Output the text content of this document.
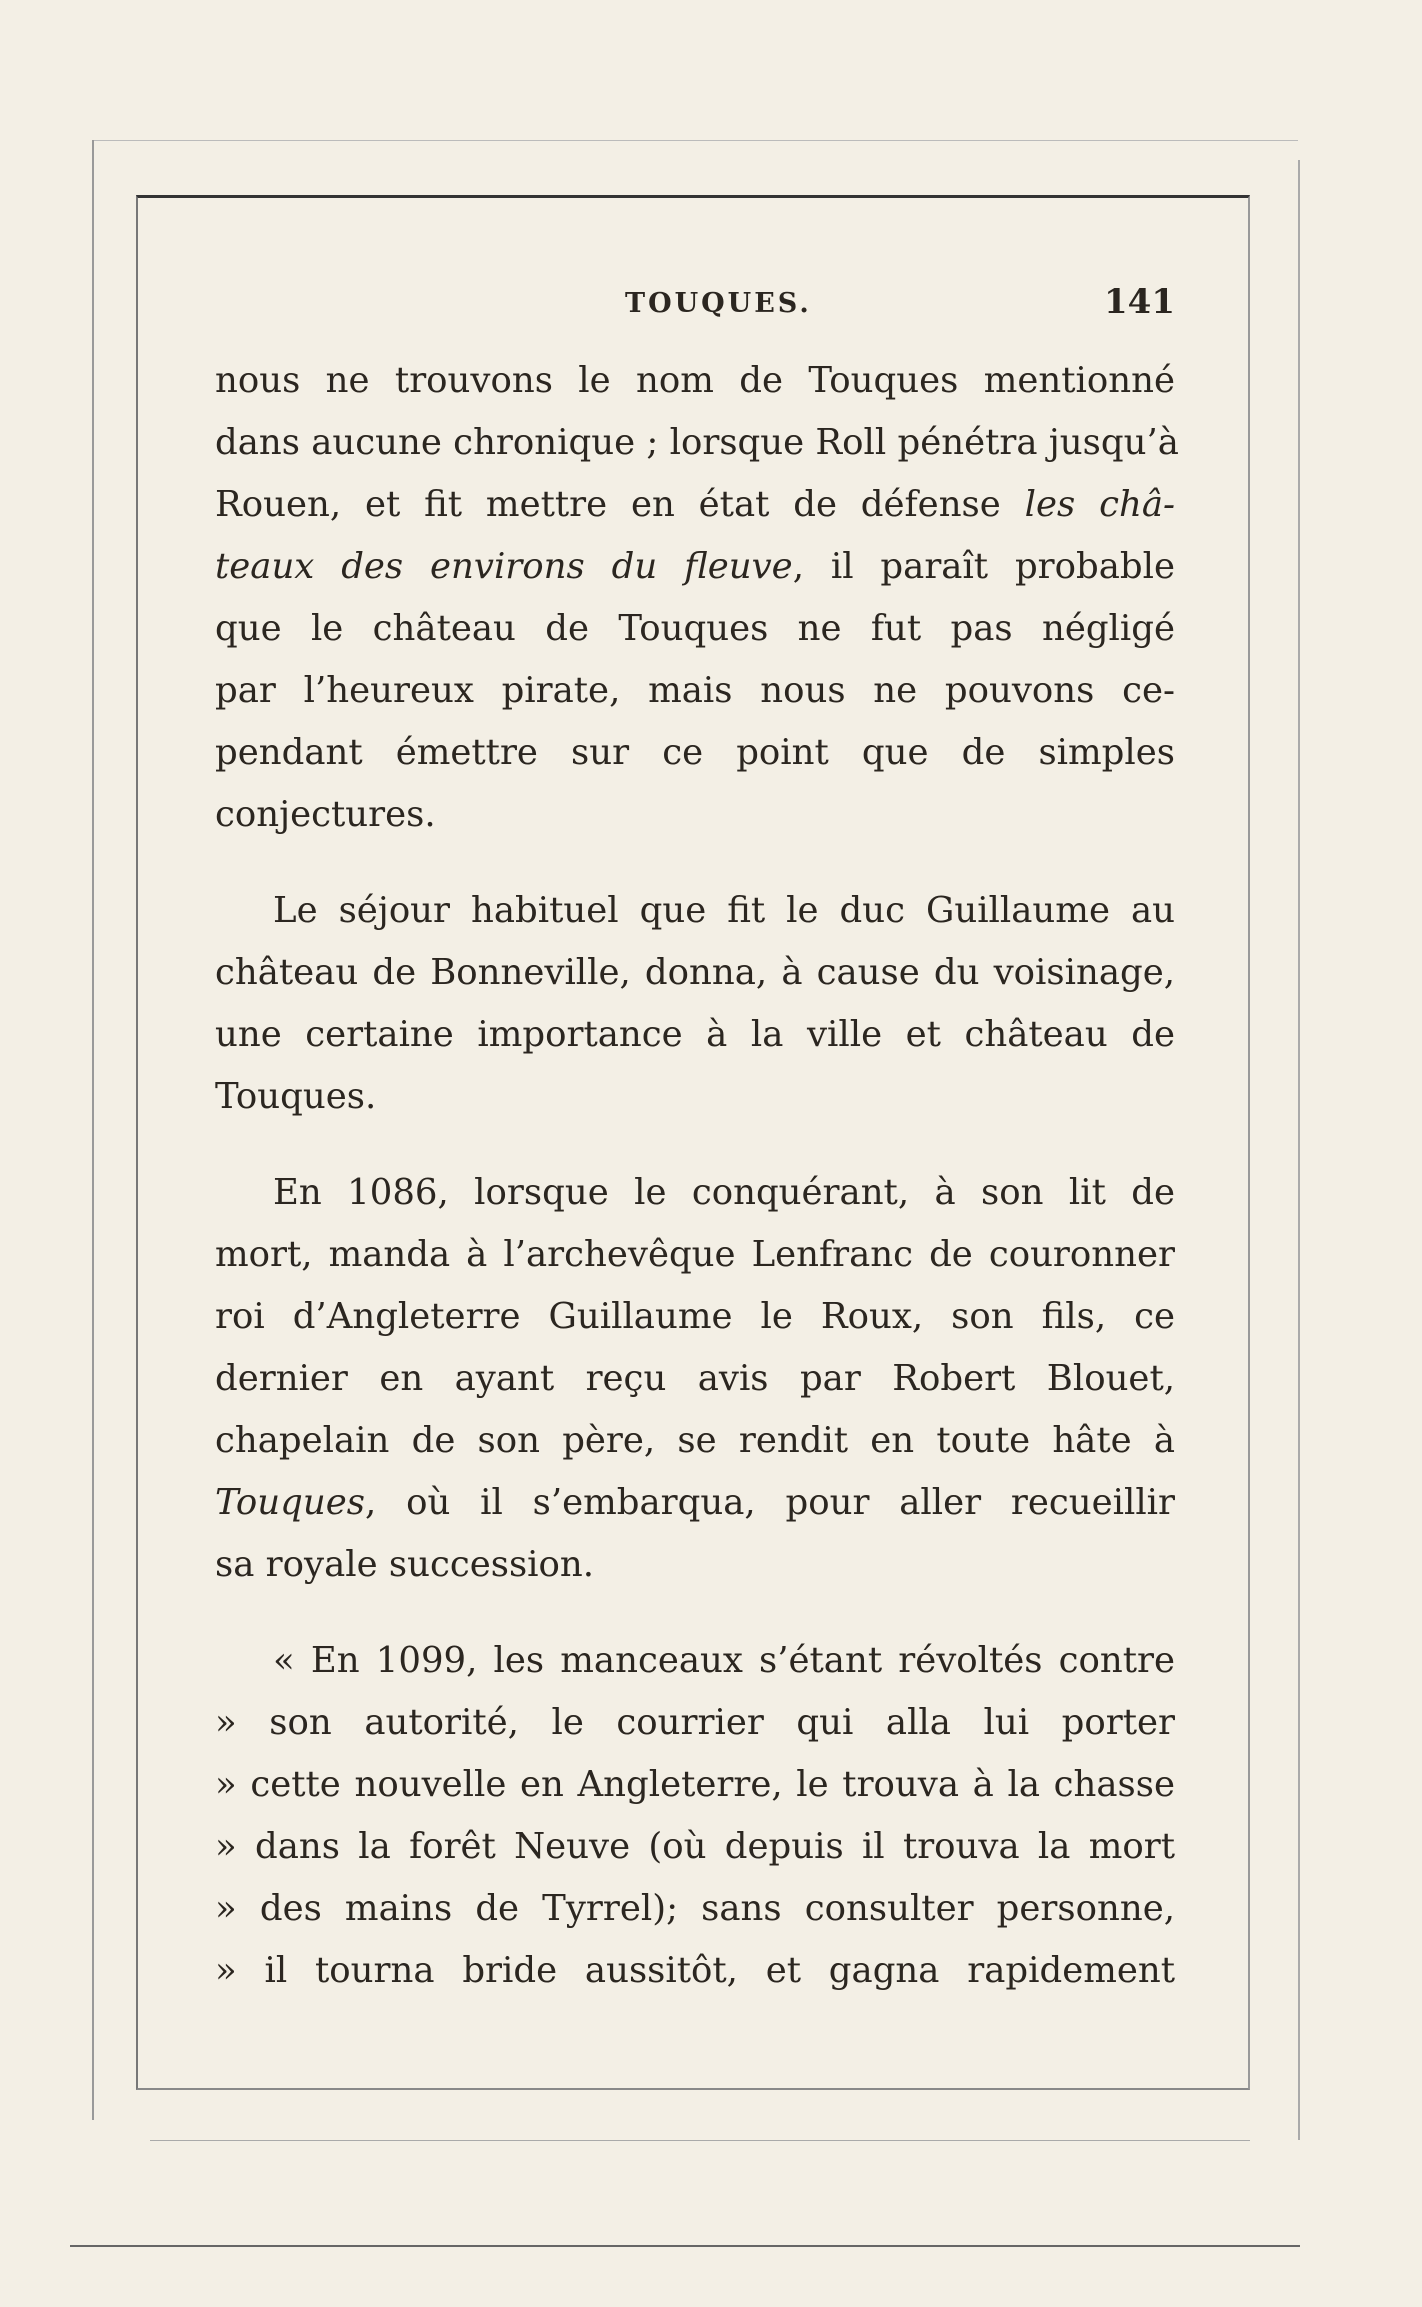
TOUQUES.	141
nous ne trouvons le nom de Touques mentionné
dans aucune chronique ; lorsque Roll pénétra jusqu’à
Rouen, et fit mettre en état de défense les châ-
teaux des environs du fleuve, il paraît probable
que le château de Touques ne fut pas négligé
par l’heureux pirate, mais nous ne pouvons ce-
pendant émettre sur ce point que de simples
conjectures.
Le séjour habituel que fit le duc Guillaume au
château de Bonneville, donna, à cause du voisinage,
une certaine importance à la ville et château de
Touques.
En 1086, lorsque le conquérant, à son lit de
mort, manda à l’archevêque Lenfranc de couronner
roi d’Angleterre Guillaume le Roux, son fils, ce
dernier en ayant reçu avis par Robert Blouet,
chapelain de son père, se rendit en toute hâte à
Touques, où il s’embarqua, pour aller recueillir
sa royale succession.
« En 1099, les manceaux s’étant révoltés contre
» son autorité, le courrier qui alla lui porter
» cette nouvelle en Angleterre, le trouva à la chasse
» dans la forêt Neuve (où depuis il trouva la mort
» des mains de Tyrrel); sans consulter personne,
» il tourna bride aussitôt, et gagna rapidement
